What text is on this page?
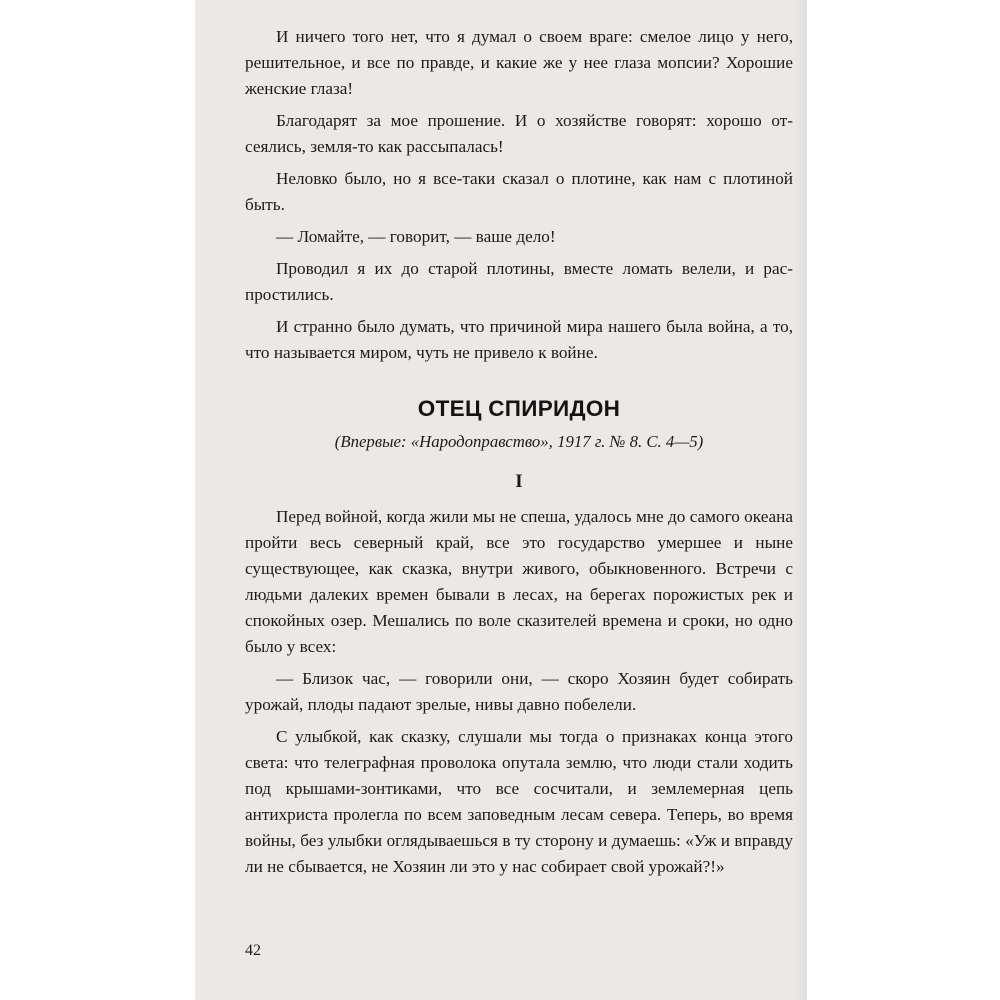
И ничего того нет, что я думал о своем враге: смелое лицо у него, решительное, и все по правде, и какие же у нее глаза мопсии? Хорошие женские глаза!

Благодарят за мое прошение. И о хозяйстве говорят: хорошо отсеялись, земля-то как рассыпалась!

Неловко было, но я все-таки сказал о плотине, как нам с плотиной быть.

— Ломайте, — говорит, — ваше дело!

Проводил я их до старой плотины, вместе ломать велели, и распростились.

И странно было думать, что причиной мира нашего была война, а то, что называется миром, чуть не привело к войне.

ОТЕЦ СПИРИДОН
(Впервые: «Народоправство», 1917 г. № 8. С. 4—5)
I

Перед войной, когда жили мы не спеша, удалось мне до самого океана пройти весь северный край, все это государство умершее и ныне существующее, как сказка, внутри живого, обыкновенного. Встречи с людьми далеких времен бывали в лесах, на берегах порожистых рек и спокойных озер. Мешались по воле сказителей времена и сроки, но одно было у всех:

— Близок час, — говорили они, — скоро Хозяин будет собирать урожай, плоды падают зрелые, нивы давно побелели.

С улыбкой, как сказку, слушали мы тогда о признаках конца этого света: что телеграфная проволока опутала землю, что люди стали ходить под крышами-зонтиками, что все сосчитали, и землемерная цепь антихриста пролегла по всем заповедным лесам севера. Теперь, во время войны, без улыбки оглядываешься в ту сторону и думаешь: «Уж и вправду ли не сбывается, не Хозяин ли это у нас собирает свой урожай?!»

42
